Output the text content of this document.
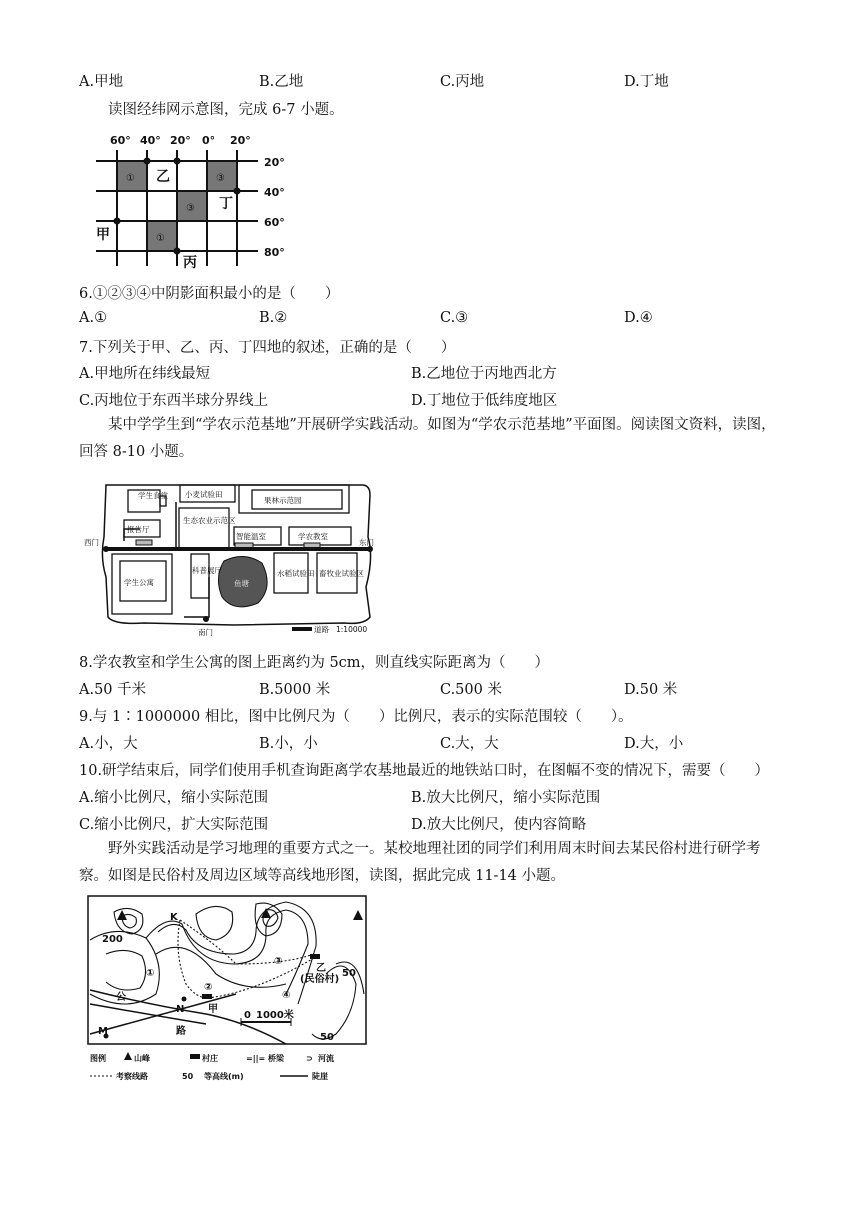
A.甲地	B.乙地	C.丙地	D.丁地
读图经纬网示意图，完成 6-7 小题。
60° 40° 20° 0° 20°
20°
40°
60°
80°
①
③
③
①
乙
丁
甲
丙
6.①②③④中阴影面积最小的是（　　）
A.①	B.②	C.③	D.④
7.下列关于甲、乙、丙、丁四地的叙述，正确的是（　　）
A.甲地所在纬线最短	B.乙地位于丙地西北方
C.丙地位于东西半球分界线上	D.丁地位于低纬度地区
某中学学生到“学农示范基地”开展研学实践活动。如图为“学农示范基地”平面图。阅读图文资料，读图，回答 8-10 小题。
学生食堂 小麦试验田
果林示范园
报告厅
生态农业示范区
智能温室	学农教室
学生公寓
科普展厅
鱼塘
水稻试验田 畜牧业试验区
西门	东门
南门	道路 1:10000
8.学农教室和学生公寓的图上距离约为 5cm，则直线实际距离为（　　）
A.50 千米	B.5000 米	C.500 米	D.50 米
9.与 1∶1000000 相比，图中比例尺为（　　）比例尺，表示的实际范围较（　　）。
A.小，大	B.小，小	C.大，大	D.大，小
10.研学结束后，同学们使用手机查询距离学农基地最近的地铁站口时，在图幅不变的情况下，需要（　　）
A.缩小比例尺，缩小实际范围	B.放大比例尺，缩小实际范围
C.缩小比例尺，扩大实际范围	D.放大比例尺，使内容简略
野外实践活动是学习地理的重要方式之一。某校地理社团的同学们利用周末时间去某民俗村进行研学考察。如图是民俗村及周边区域等高线地形图，读图，据此完成 11-14 小题。
K
200
①
②
③
④
乙
(民俗村)
50
50
公
路
N 甲
M
0 1000米
图例	山峰	村庄	=||= 桥梁	⊃ 河流
考察线路	50 等高线(m)	陡崖
